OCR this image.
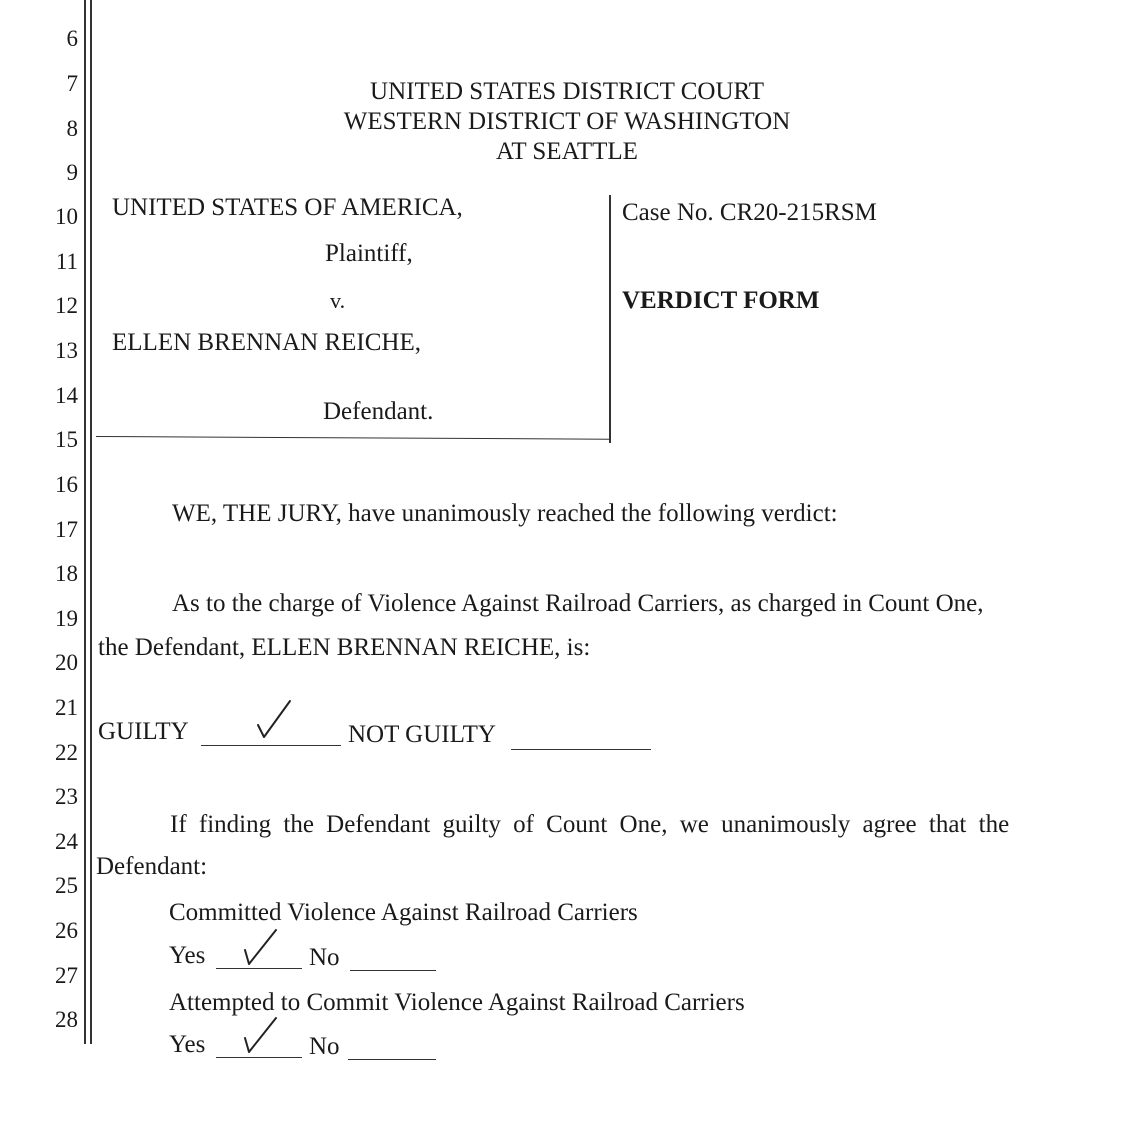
6
7
8
9
10
11
12
13
14
15
16
17
18
19
20
21
22
23
24
25
26
27
28
UNITED STATES DISTRICT COURT
WESTERN DISTRICT OF WASHINGTON
AT SEATTLE
UNITED STATES OF AMERICA,
Plaintiff,
v.
ELLEN BRENNAN REICHE,
Defendant.
Case No. CR20-215RSM
VERDICT FORM
WE, THE JURY, have unanimously reached the following verdict:
As to the charge of Violence Against Railroad Carriers, as charged in Count One,
the Defendant, ELLEN BRENNAN REICHE, is:
GUILTY	NOT GUILTY
If finding the Defendant guilty of Count One, we unanimously agree that the
Defendant:
Committed Violence Against Railroad Carriers
Yes	No
Attempted to Commit Violence Against Railroad Carriers
Yes	No
